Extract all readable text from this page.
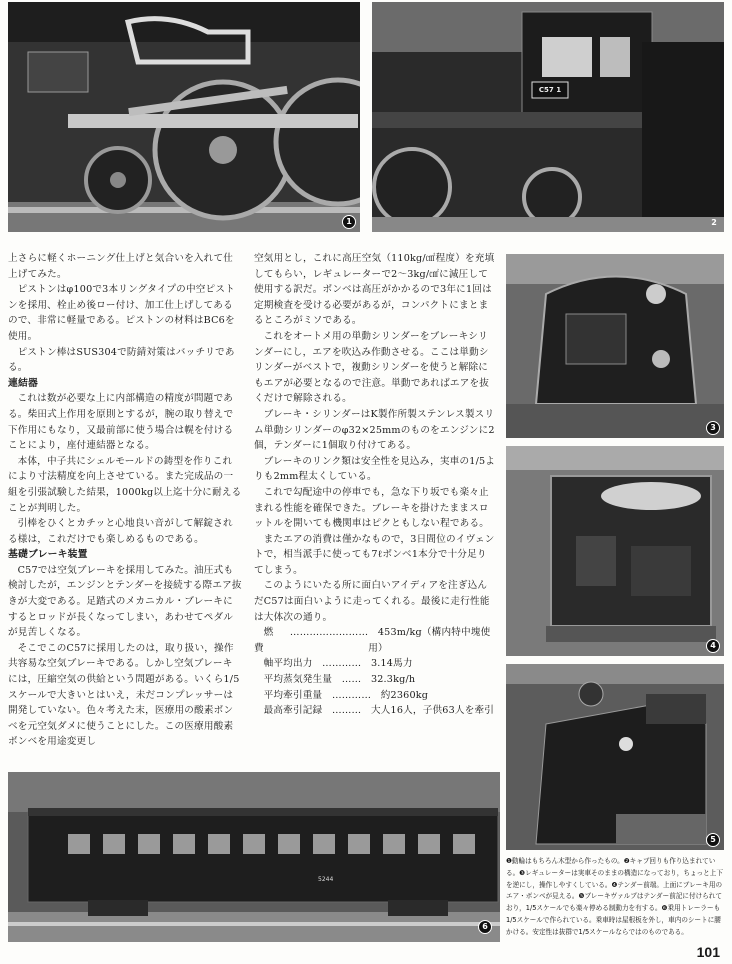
1	2
C57 1
3
4
5
5244
6

上さらに軽くホーニング仕上げと気合いを入れて仕上げてみた。

ピストンはφ100で3本リングタイプの中空ピストンを採用、栓止め後ロー付け、加工仕上げしてあるので、非常に軽量である。ピストンの材料はBC6を使用。

ピストン棒はSUS304で防錆対策はバッチリである。

連結器

これは数が必要な上に内部構造の精度が問題である。柴田式上作用を原則とするが，腕の取り替えで下作用にもなり，又最前部に使う場合は幌を付けることにより，座付連結器となる。

本体，中子共にシェルモールドの鋳型を作りこれにより寸法精度を向上させている。また完成品の一組を引張試験した結果，1000kg以上迄十分に耐えることが判明した。

引棒をひくとカチッと心地良い音がして解錠される様は，これだけでも楽しめるものである。

基礎ブレーキ装置

C57では空気ブレーキを採用してみた。油圧式も検討したが，エンジンとテンダーを接続する際エア抜きが大変である。足踏式のメカニカル・ブレーキにするとロッドが長くなってしまい，あわせてペダルが見苦しくなる。

そこでこのC57に採用したのは，取り扱い，操作共容易な空気ブレーキである。しかし空気ブレーキには，圧縮空気の供給という問題がある。いくら1/5スケールで大きいとはいえ，未だコンプレッサーは開発していない。色々考えた末，医療用の酸素ボンベを元空気ダメに使うことにした。この医療用酸素ボンベを用途変更し

空気用とし，これに高圧空気（110kg/㎠程度）を充填してもらい，レギュレーターで2〜3kg/㎠に減圧して使用する訳だ。ボンベは高圧がかかるので3年に1回は定期検査を受ける必要があるが，コンパクトにまとまるところがミソである。

これをオートメ用の単動シリンダーをブレーキシリンダーにし，エアを吹込み作動させる。ここは単動シリンダーがベストで，複動シリンダーを使うと解除にもエアが必要となるので注意。単動であればエアを抜くだけで解除される。

ブレーキ・シリンダーはK製作所製ステンレス製スリム単動シリンダーのφ32×25mmのものをエンジンに2個，テンダーに1個取り付けてある。

ブレーキのリンク類は安全性を見込み，実車の1/5よりも2mm程太くしている。

これで勾配途中の停車でも，急な下り坂でも楽々止まれる性能を確保できた。ブレーキを掛けたままスロットルを開いても機関車はピクともしない程である。

またエアの消費は僅かなもので，3日間位のイヴェントで，相当派手に使っても7ℓボンベ1本分で十分足りてしまう。

このようにいたる所に面白いアイディアを注ぎ込んだC57は面白いように走ってくれる。最後に走行性能は大体次の通り。

燃費
…………………… 453m/kg（構内特中塊使用）

軸平均出力 ………… 3.14馬力

平均蒸気発生量 …… 32.3kg/h

平均牽引重量 ………… 約2360kg

最高牽引記録 ……… 大人16人，子供63人を牽引

❶動輪はもちろん木型から作ったもの。❷キャブ回りも作り込まれている。❸レギュレーターは実車そのままの構造になっており，ちょっと上下を逆にし，操作しやすくしている。❹テンダー前端。上面にブレーキ用のエア・ボンベが見える。❺ブレーキヴァルブはテンダー前記に付けられており，1/5スケールでも楽々停める制動力を有する。❻乗用トレーラーも1/5スケールで作られている。乗車時は屋根板を外し，車内のシートに腰かける。安定性は抜群で1/5スケールならではのものである。
101
